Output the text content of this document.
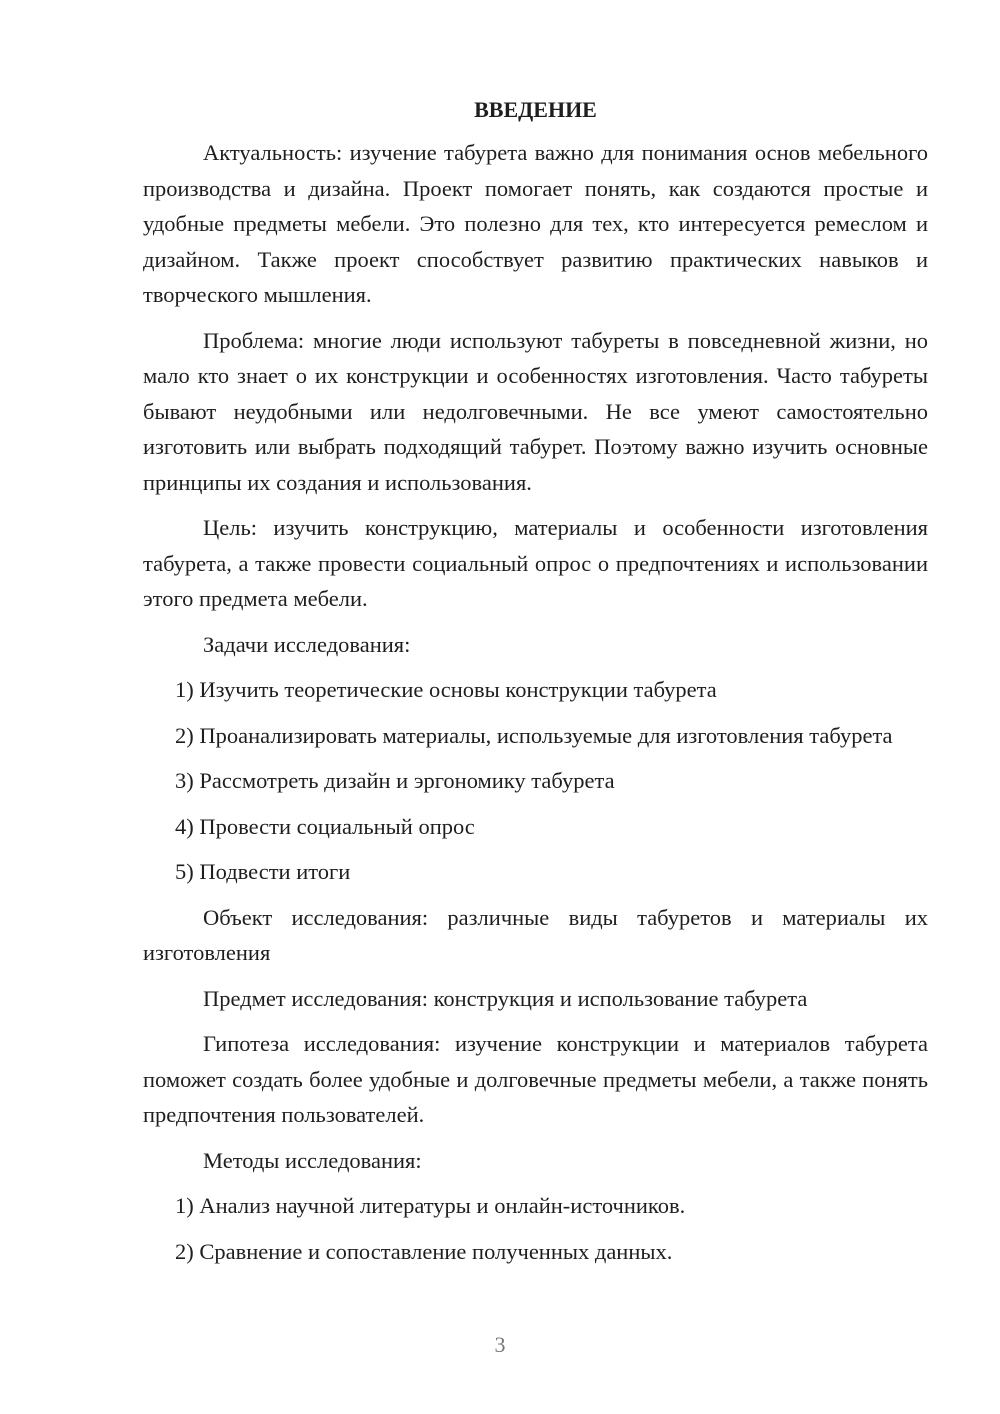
ВВЕДЕНИЕ

Актуальность: изучение табурета важно для понимания основ мебельного производства и дизайна. Проект помогает понять, как создаются простые и удобные предметы мебели. Это полезно для тех, кто интересуется ремеслом и дизайном. Также проект способствует развитию практических навыков и творческого мышления.

Проблема: многие люди используют табуреты в повседневной жизни, но мало кто знает о их конструкции и особенностях изготовления. Часто табуреты бывают неудобными или недолговечными. Не все умеют самостоятельно изготовить или выбрать подходящий табурет. Поэтому важно изучить основные принципы их создания и использования.

Цель: изучить конструкцию, материалы и особенности изготовления табурета, а также провести социальный опрос о предпочтениях и использовании этого предмета мебели.

Задачи исследования:

1) Изучить теоретические основы конструкции табурета

2) Проанализировать материалы, используемые для изготовления табурета

3) Рассмотреть дизайн и эргономику табурета

4) Провести социальный опрос

5) Подвести итоги

Объект исследования: различные виды табуретов и материалы их изготовления

Предмет исследования: конструкция и использование табурета

Гипотеза исследования: изучение конструкции и материалов табурета поможет создать более удобные и долговечные предметы мебели, а также понять предпочтения пользователей.

Методы исследования:

1) Анализ научной литературы и онлайн-источников.

2) Сравнение и сопоставление полученных данных.

3
